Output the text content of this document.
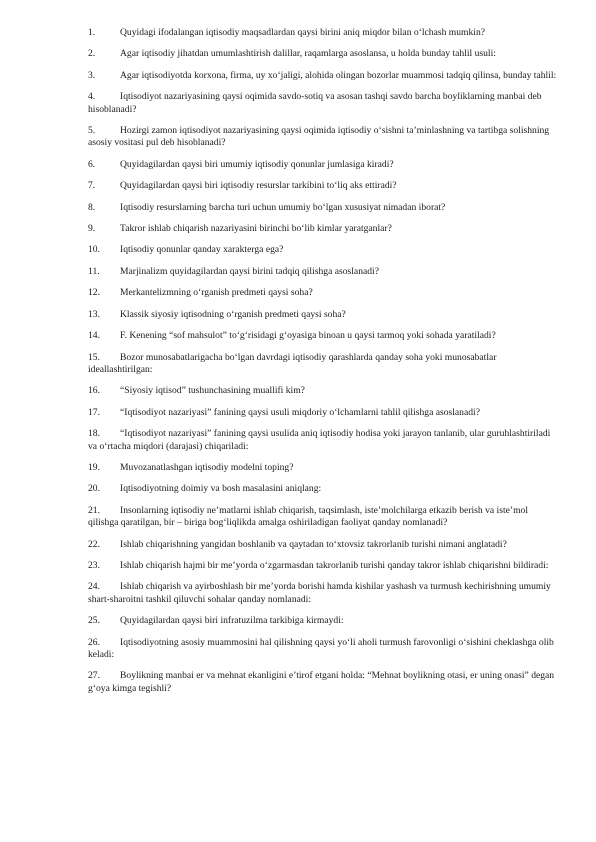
1.	Quyidagi ifodalangan iqtisodiy maqsadlardan qaysi birini aniq miqdor bilan o‘lchash mumkin?

2.	Agar iqtisodiy jihatdan umumlashtirish dalillar, raqamlarga asoslansa, u holda bunday tahlil usuli:

3.	Agar iqtisodiyotda korxona, firma, uy xo‘jaligi, alohida olingan bozorlar muammosi tadqiq qilinsa, bunday tahlil:

4.	Iqtisodiyot nazariyasining qaysi oqimida savdo-sotiq va asosan tashqi savdo barcha boyliklarning manbai deb hisoblanadi?

5.	Hozirgi zamon iqtisodiyot nazariyasining qaysi oqimida iqtisodiy o‘sishni ta’minlashning va tartibga solishning asosiy vositasi pul deb hisoblanadi?

6.	Quyidagilardan qaysi biri umumiy iqtisodiy qonunlar jumlasiga kiradi?

7.	Quyidagilardan qaysi biri iqtisodiy resurslar tarkibini to‘liq aks ettiradi?

8.	Iqtisodiy resurslarning barcha turi uchun umumiy bo‘lgan xususiyat nimadan iborat?

9.	Takror ishlab chiqarish nazariyasini birinchi bo‘lib kimlar yaratganlar?

10. Iqtisodiy qonunlar qanday xarakterga ega?

11. Marjinalizm quyidagilardan qaysi birini tadqiq qilishga asoslanadi?

12. Merkantelizmning o‘rganish predmeti qaysi soha?

13. Klassik siyosiy iqtisodning o‘rganish predmeti qaysi soha?

14. F. Kenening “sof mahsulot” to‘g‘risidagi g‘oyasiga binoan u qaysi tarmoq yoki sohada yaratiladi?

15. Bozor munosabatlarigacha bo‘lgan davrdagi iqtisodiy qarashlarda qanday soha yoki munosabatlar ideallashtirilgan:

16. “Siyosiy iqtisod” tushunchasining muallifi kim?

17. “Iqtisodiyot nazariyasi” fanining qaysi usuli miqdoriy o‘lchamlarni tahlil qilishga asoslanadi?

18. “Iqtisodiyot nazariyasi” fanining qaysi usulida aniq iqtisodiy hodisa yoki jarayon tanlanib, ular guruhlashtiriladi va o‘rtacha miqdori (darajasi) chiqariladi:

19. Muvozanatlashgan iqtisodiy modelni toping?

20. Iqtisodiyotning doimiy va bosh masalasini aniqlang:

21. Insonlarning iqtisodiy ne’matlarni ishlab chiqarish, taqsimlash, iste’molchilarga etkazib berish va iste’mol qilishga qaratilgan, bir – biriga bog‘liqlikda amalga oshiriladigan faoliyat qanday nomlanadi?

22. Ishlab chiqarishning yangidan boshlanib va qaytadan to‘xtovsiz takrorlanib turishi nimani anglatadi?

23. Ishlab chiqarish hajmi bir me’yorda o‘zgarmasdan takrorlanib turishi qanday takror ishlab chiqarishni bildiradi:

24. Ishlab chiqarish va ayirboshlash bir me’yorda borishi hamda kishilar yashash va turmush kechirishning umumiy shart-sharoitni tashkil qiluvchi sohalar qanday nomlanadi:

25. Quyidagilardan qaysi biri infratuzilma tarkibiga kirmaydi:

26. Iqtisodiyotning asosiy muammosini hal qilishning qaysi yo‘li aholi turmush farovonligi o‘sishini cheklashga olib keladi:

27. Boylikning manbai er va mehnat ekanligini e’tirof etgani holda: “Mehnat boylikning otasi, er uning onasi” degan g‘oya kimga tegishli?
